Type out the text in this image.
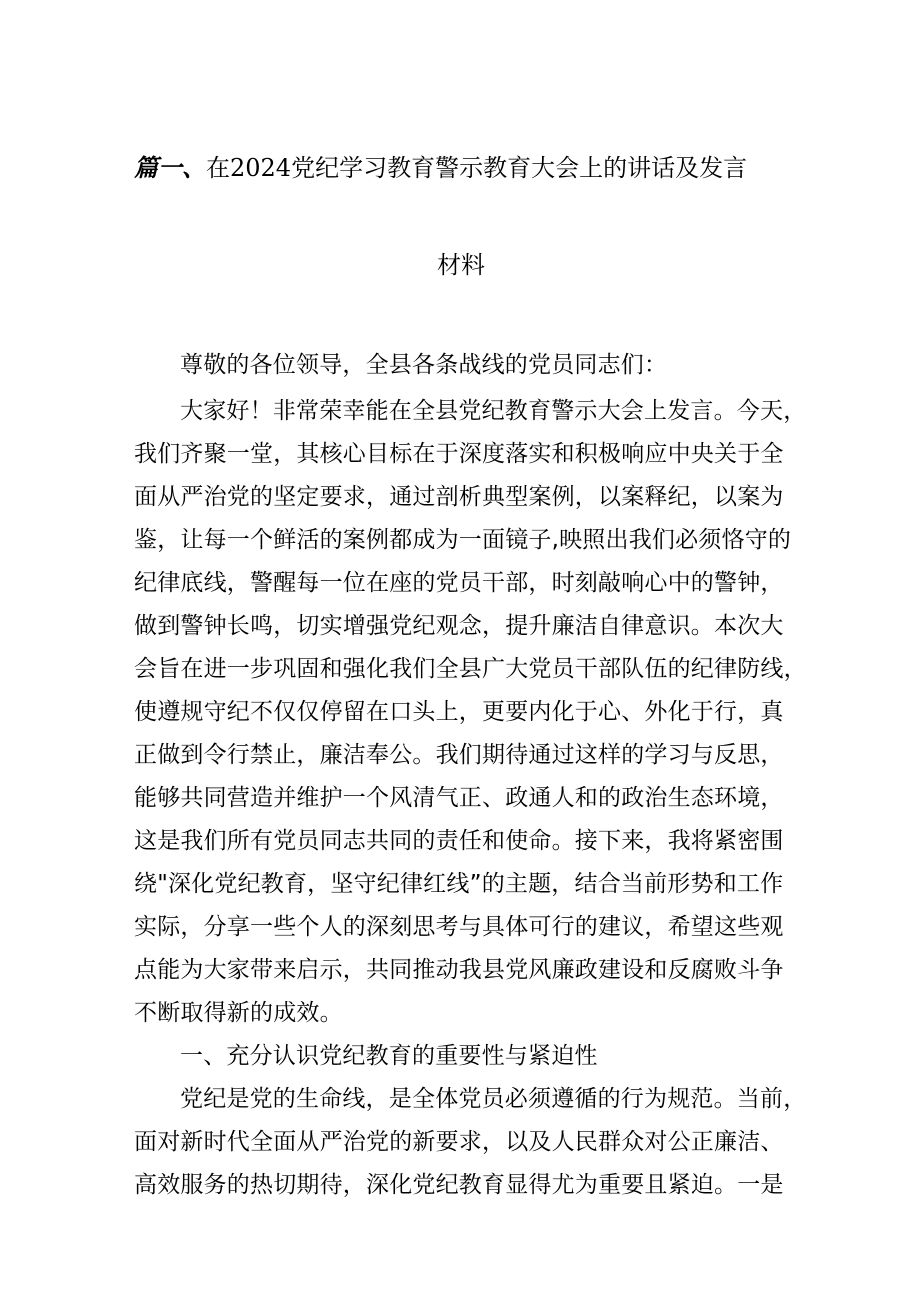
篇一、在2024党纪学习教育警示教育大会上的讲话及发言
材料
尊敬的各位领导，全县各条战线的党员同志们：
大家好！非常荣幸能在全县党纪教育警示大会上发言。今天，
我们齐聚一堂，其核心目标在于深度落实和积极响应中央关于全
面从严治党的坚定要求，通过剖析典型案例，以案释纪，以案为
鉴，让每一个鲜活的案例都成为一面镜子,映照出我们必须恪守的
纪律底线，警醒每一位在座的党员干部，时刻敲响心中的警钟，
做到警钟长鸣，切实增强党纪观念，提升廉洁自律意识。本次大
会旨在进一步巩固和强化我们全县广大党员干部队伍的纪律防线，
使遵规守纪不仅仅停留在口头上，更要内化于心、外化于行，真
正做到令行禁止，廉洁奉公。我们期待通过这样的学习与反思，
能够共同营造并维护一个风清气正、政通人和的政治生态环境，
这是我们所有党员同志共同的责任和使命。接下来，我将紧密围
绕"深化党纪教育，坚守纪律红线”的主题，结合当前形势和工作
实际，分享一些个人的深刻思考与具体可行的建议，希望这些观
点能为大家带来启示，共同推动我县党风廉政建设和反腐败斗争
不断取得新的成效。
一、充分认识党纪教育的重要性与紧迫性
党纪是党的生命线，是全体党员必须遵循的行为规范。当前，
面对新时代全面从严治党的新要求，以及人民群众对公正廉洁、
高效服务的热切期待，深化党纪教育显得尤为重要且紧迫。一是
